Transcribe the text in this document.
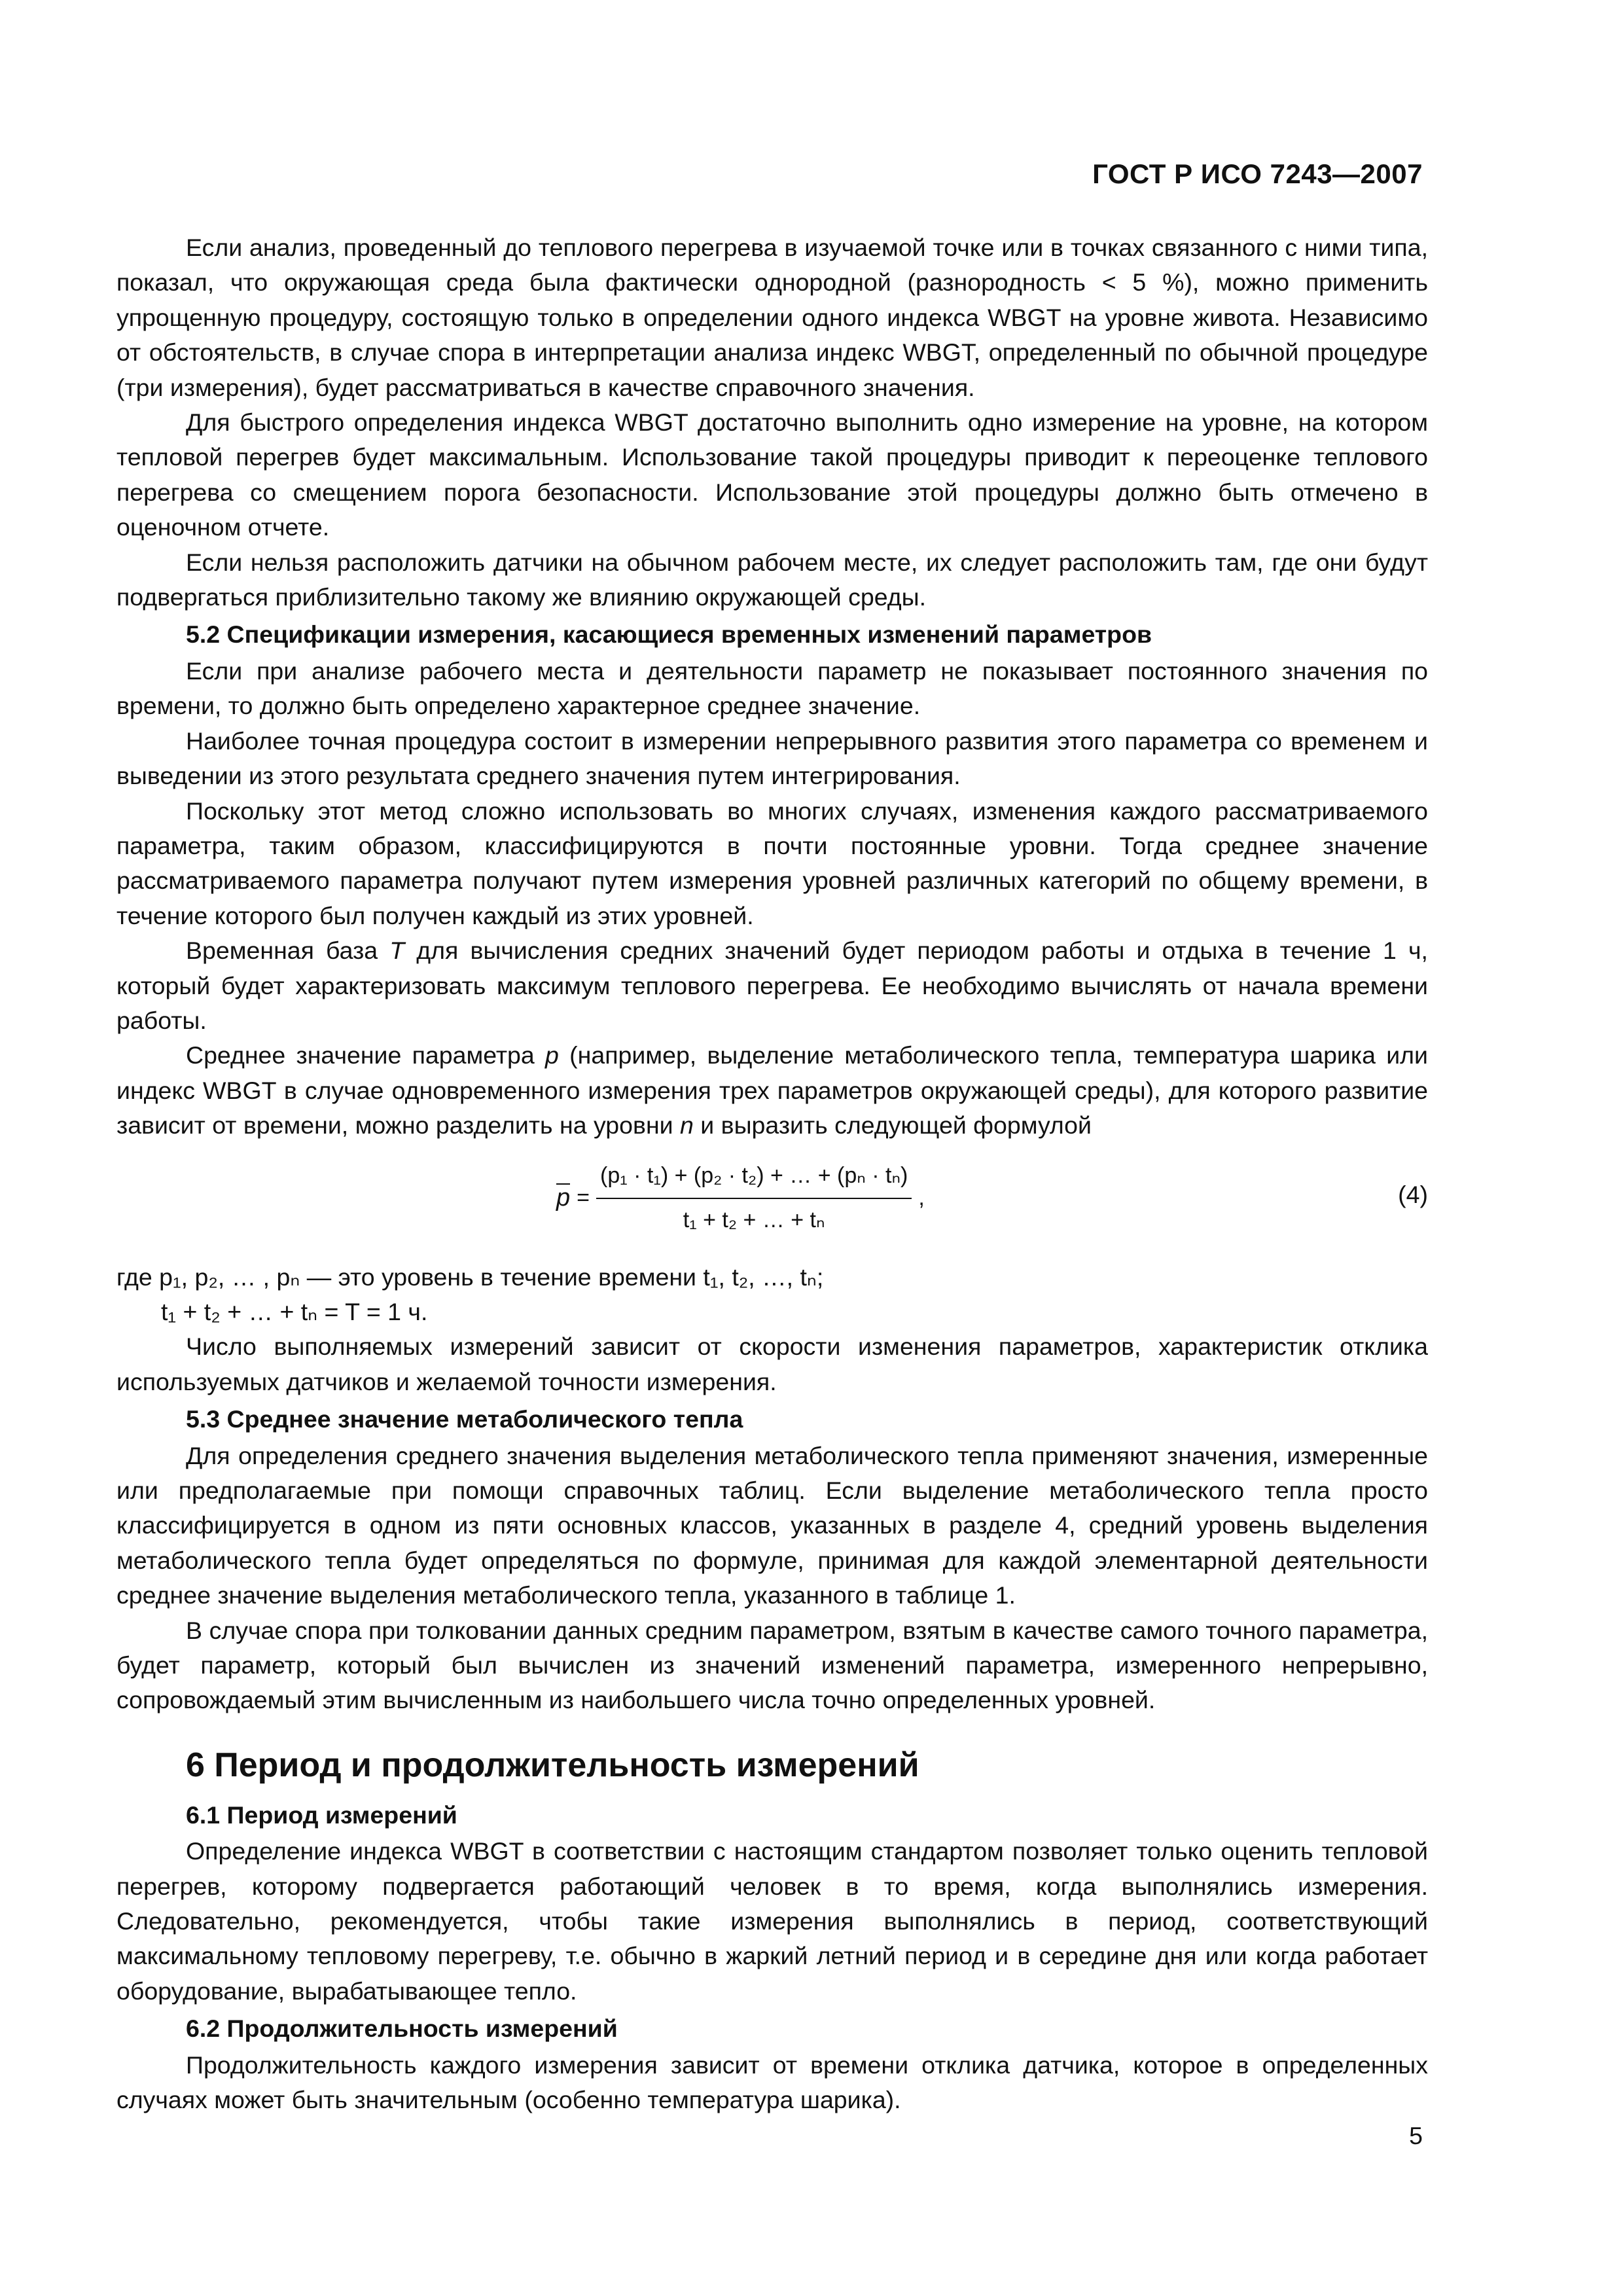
ГОСТ Р ИСО 7243—2007

Если анализ, проведенный до теплового перегрева в изучаемой точке или в точках связанного с ними типа, показал, что окружающая среда была фактически однородной (разнородность < 5 %), можно применить упрощенную процедуру, состоящую только в определении одного индекса WBGT на уровне живота. Независимо от обстоятельств, в случае спора в интерпретации анализа индекс WBGT, определенный по обычной процедуре (три измерения), будет рассматриваться в качестве справочного значения.

Для быстрого определения индекса WBGT достаточно выполнить одно измерение на уровне, на котором тепловой перегрев будет максимальным. Использование такой процедуры приводит к переоценке теплового перегрева со смещением порога безопасности. Использование этой процедуры должно быть отмечено в оценочном отчете.

Если нельзя расположить датчики на обычном рабочем месте, их следует расположить там, где они будут подвергаться приблизительно такому же влиянию окружающей среды.

5.2 Спецификации измерения, касающиеся временных изменений параметров

Если при анализе рабочего места и деятельности параметр не показывает постоянного значения по времени, то должно быть определено характерное среднее значение.

Наиболее точная процедура состоит в измерении непрерывного развития этого параметра со временем и выведении из этого результата среднего значения путем интегрирования.

Поскольку этот метод сложно использовать во многих случаях, изменения каждого рассматриваемого параметра, таким образом, классифицируются в почти постоянные уровни. Тогда среднее значение рассматриваемого параметра получают путем измерения уровней различных категорий по общему времени, в течение которого был получен каждый из этих уровней.

Временная база T для вычисления средних значений будет периодом работы и отдыха в течение 1 ч, который будет характеризовать максимум теплового перегрева. Ее необходимо вычислять от начала времени работы.

Среднее значение параметра p (например, выделение метаболического тепла, температура шарика или индекс WBGT в случае одновременного измерения трех параметров окружающей среды), для которого развитие зависит от времени, можно разделить на уровни n и выразить следующей формулой

$p = \frac{\text{(p₁ · t₁) + (p₂ · t₂) + … + (pₙ · tₙ)}}{\text{t₁ + t₂ + … + tₙ}}$ ,	(4)

где p₁, p₂, … , pₙ — это уровень в течение времени t₁, t₂, …, tₙ;

t₁ + t₂ + … + tₙ = T = 1 ч.

Число выполняемых измерений зависит от скорости изменения параметров, характеристик отклика используемых датчиков и желаемой точности измерения.

5.3 Среднее значение метаболического тепла

Для определения среднего значения выделения метаболического тепла применяют значения, измеренные или предполагаемые при помощи справочных таблиц. Если выделение метаболического тепла просто классифицируется в одном из пяти основных классов, указанных в разделе 4, средний уровень выделения метаболического тепла будет определяться по формуле, принимая для каждой элементарной деятельности среднее значение выделения метаболического тепла, указанного в таблице 1.

В случае спора при толковании данных средним параметром, взятым в качестве самого точного параметра, будет параметр, который был вычислен из значений изменений параметра, измеренного непрерывно, сопровождаемый этим вычисленным из наибольшего числа точно определенных уровней.

6 Период и продолжительность измерений
6.1 Период измерений

Определение индекса WBGT в соответствии с настоящим стандартом позволяет только оценить тепловой перегрев, которому подвергается работающий человек в то время, когда выполнялись измерения. Следовательно, рекомендуется, чтобы такие измерения выполнялись в период, соответствующий максимальному тепловому перегреву, т.е. обычно в жаркий летний период и в середине дня или когда работает оборудование, вырабатывающее тепло.

6.2 Продолжительность измерений

Продолжительность каждого измерения зависит от времени отклика датчика, которое в определенных случаях может быть значительным (особенно температура шарика).

5
